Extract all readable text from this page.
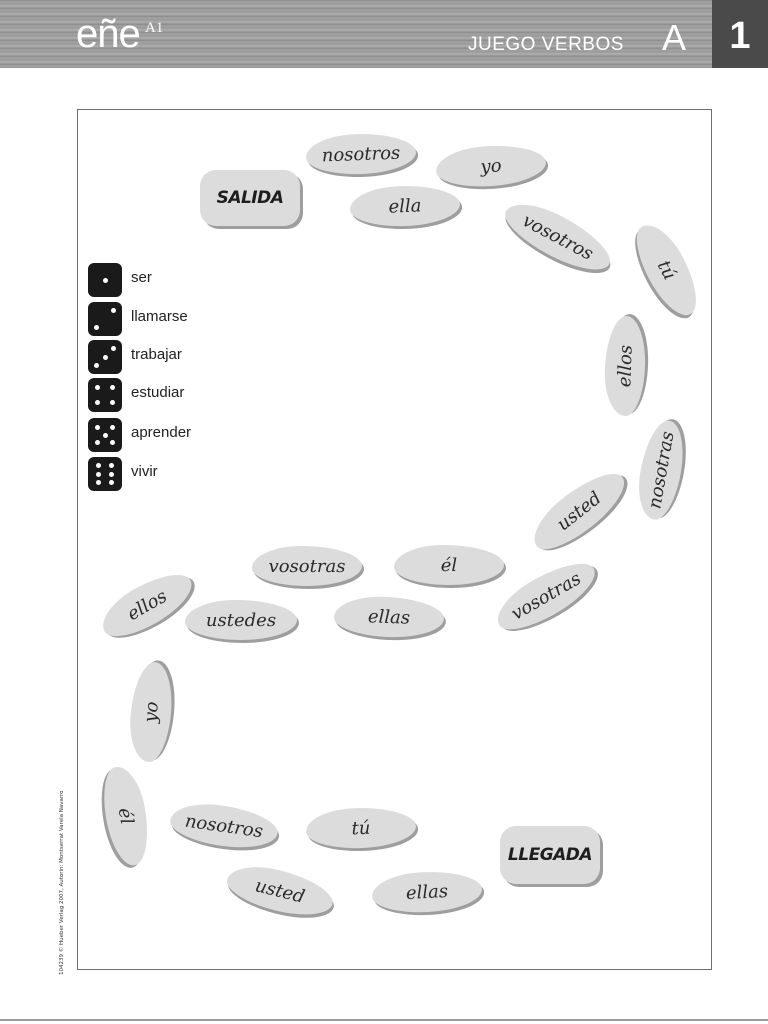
eñe A1
JUEGO VERBOS A	1
SALIDA
LLEGADA
nosotros
yo
ella
vosotros
tú
ellos
nosotras
usted
vosotras	él
vosotras
ellas
ellos	ustedes
yo
él	nosotros	tú
usted	ellas
ser
llamarse
trabajar
estudiar
aprender
vivir
104239 © Hueber Verlag 2007, Autorin: Montserrat Varela Navarro
